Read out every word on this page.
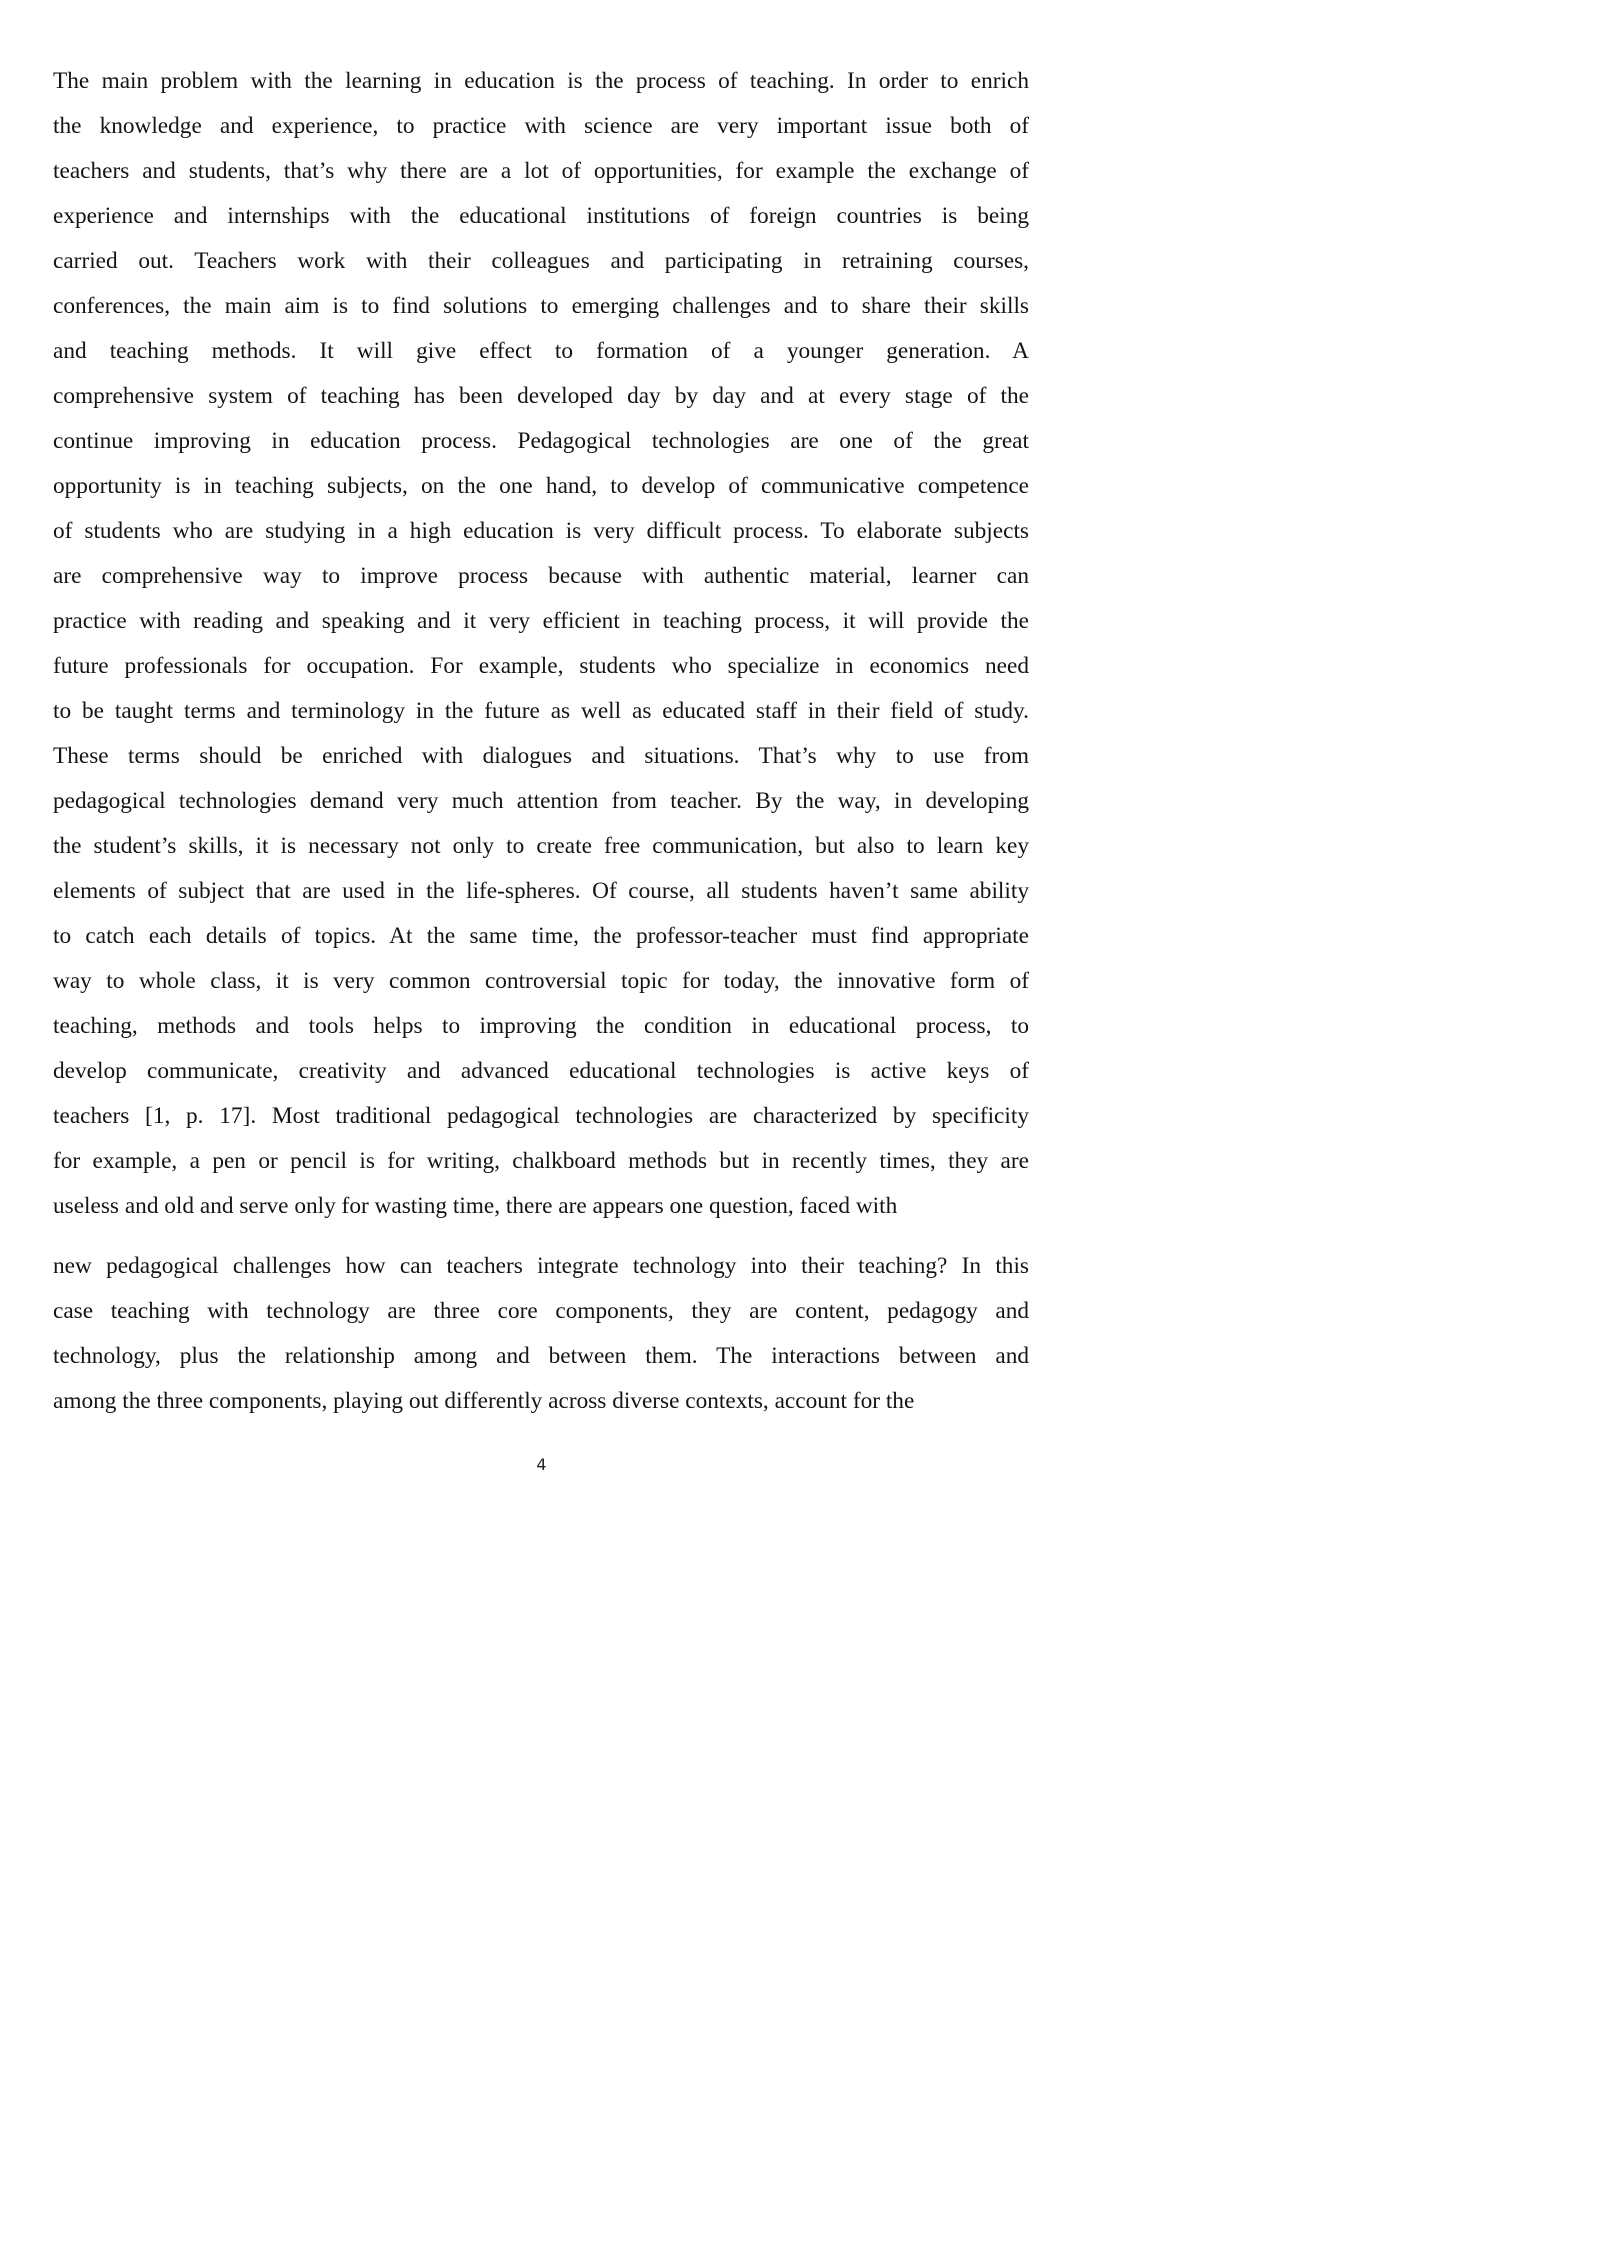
The main problem with the learning in education is the process of teaching. In order to enrich
the knowledge and experience, to practice with science are very important issue both of
teachers and students, that’s why there are a lot of opportunities, for example the exchange of
experience and internships with the educational institutions of foreign countries is being
carried out. Teachers work with their colleagues and participating in retraining courses,
conferences, the main aim is to find solutions to emerging challenges and to share their skills
and teaching methods. It will give effect to formation of a younger generation. A
comprehensive system of teaching has been developed day by day and at every stage of the
continue improving in education process. Pedagogical technologies are one of the great
opportunity is in teaching subjects, on the one hand, to develop of communicative competence
of students who are studying in a high education is very difficult process. To elaborate subjects
are comprehensive way to improve process because with authentic material, learner can
practice with reading and speaking and it very efficient in teaching process, it will provide the
future professionals for occupation. For example, students who specialize in economics need
to be taught terms and terminology in the future as well as educated staff in their field of study.
These terms should be enriched with dialogues and situations. That’s why to use from
pedagogical technologies demand very much attention from teacher. By the way, in developing
the student’s skills, it is necessary not only to create free communication, but also to learn key
elements of subject that are used in the life-spheres. Of course, all students haven’t same ability
to catch each details of topics. At the same time, the professor-teacher must find appropriate
way to whole class, it is very common controversial topic for today, the innovative form of
teaching, methods and tools helps to improving the condition in educational process, to
develop communicate, creativity and advanced educational technologies is active keys of
teachers [1, p. 17]. Most traditional pedagogical technologies are characterized by specificity
for example, a pen or pencil is for writing, chalkboard methods but in recently times, they are
useless and old and serve only for wasting time, there are appears one question, faced with
new pedagogical challenges how can teachers integrate technology into their teaching? In this
case teaching with technology are three core components, they are content, pedagogy and
technology, plus the relationship among and between them. The interactions between and
among the three components, playing out differently across diverse contexts, account for the
4
